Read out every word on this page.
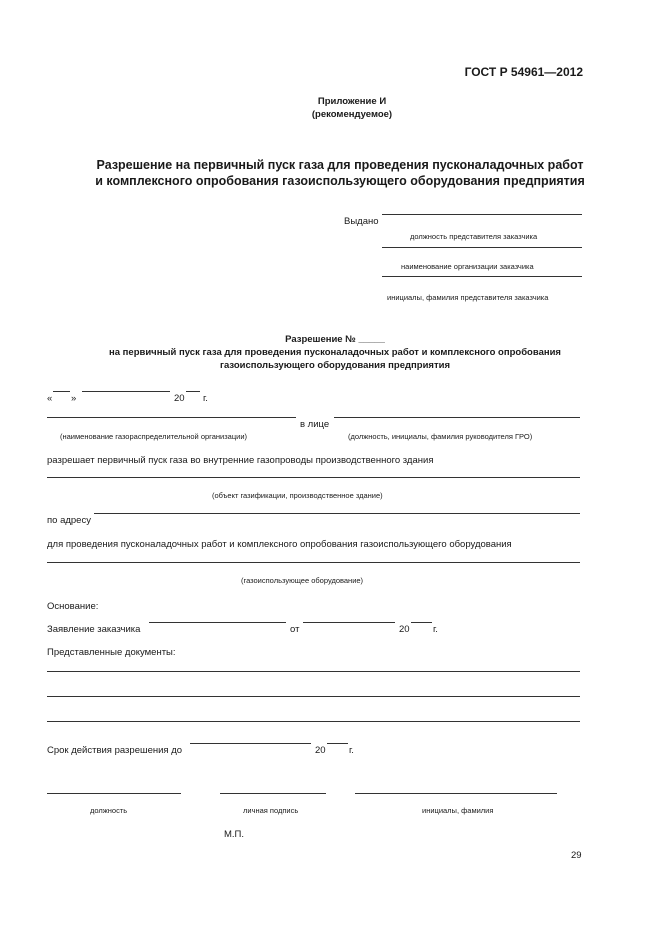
ГОСТ Р 54961—2012
Приложение И
(рекомендуемое)
Разрешение на первичный пуск газа для проведения пусконаладочных работ
и комплексного опробования газоиспользующего оборудования предприятия
Выдано
должность представителя заказчика
наименование организации заказчика
инициалы, фамилия представителя заказчика
Разрешение № _____
на первичный пуск газа для проведения пусконаладочных работ и комплексного опробования
газоиспользующего оборудования предприятия
« »	20 г.
в лице
(наименование газораспределительной организации)	(должность, инициалы, фамилия руководителя ГРО)
разрешает первичный пуск газа во внутренние газопроводы производственного здания
(объект газификации, производственное здание)
по адресу
для проведения пусконаладочных работ и комплексного опробования газоиспользующего оборудования
(газоиспользующее оборудование)
Основание:
Заявление заказчика	от	20 г.
Представленные документы:
Срок действия разрешения до	20 г.
должность	личная подпись	инициалы, фамилия
М.П.
29
